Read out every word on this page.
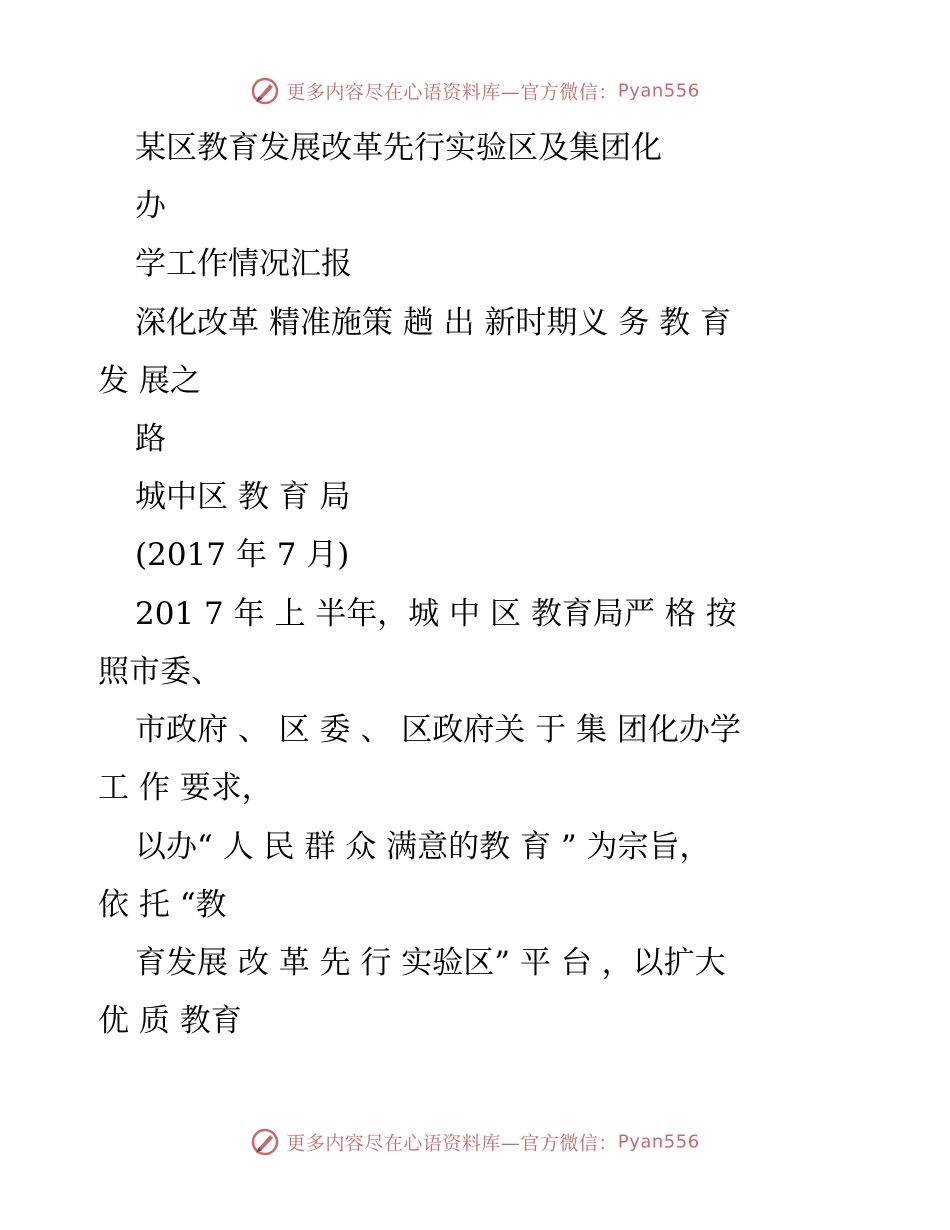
更多内容尽在心语资料库—官方微信：Pyan556
某区教育发展改革先行实验区及集团化
办
学工作情况汇报
深化改革 精准施策 趟 出 新时期义 务 教 育
发 展之
路
城中区 教 育 局
(2017 年 7 月)
201 7 年 上 半年，城 中 区 教育局严 格 按
照市委、
市政府 、 区 委 、 区政府关 于 集 团化办学
工 作 要求，
以办“ 人 民 群 众 满意的教 育 ” 为宗旨，
依 托 “教
育发展 改 革 先 行 实验区” 平 台 ，以扩大
优 质 教育
更多内容尽在心语资料库—官方微信：Pyan556
